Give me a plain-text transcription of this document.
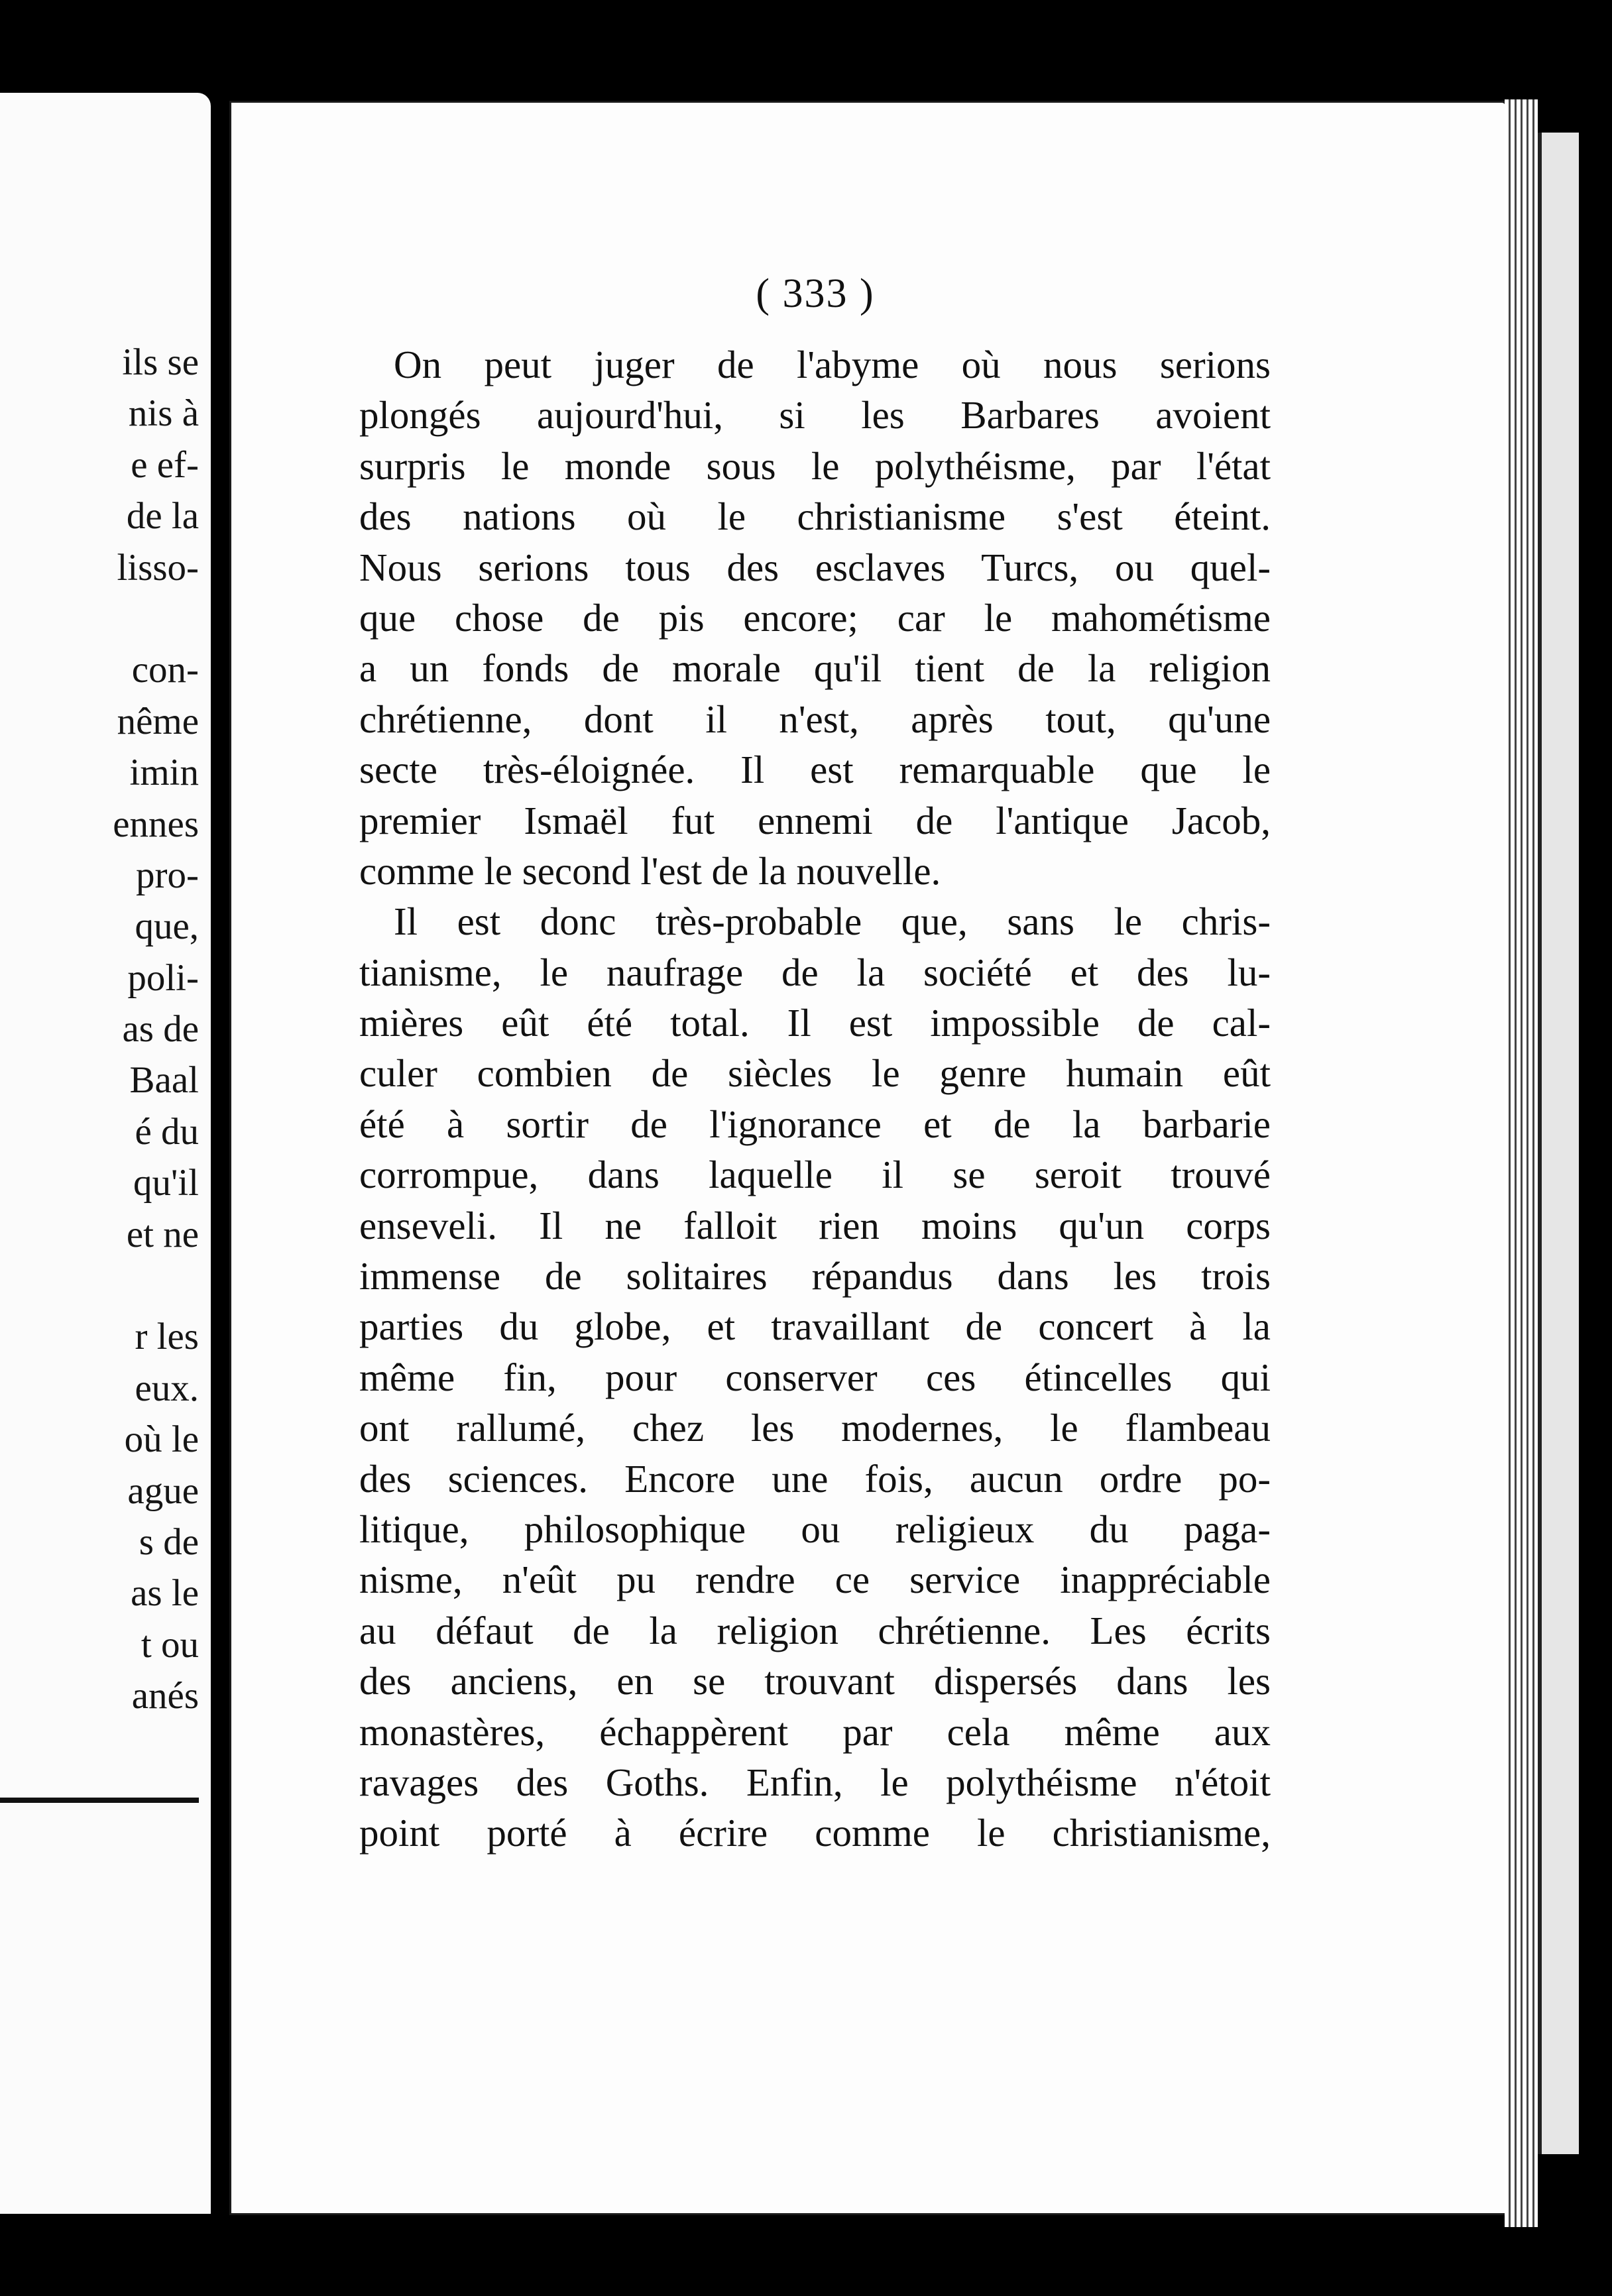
ils se
nis à
e ef-
de la
lisso-
con-
nême
imin
ennes
pro-
que,
poli-
as de
Baal
é du
qu'il
et ne
r les
eux.
où le
ague
s de
as le
t ou
anés
( 333 )
On peut juger de l'abyme où nous serions
plongés aujourd'hui, si les Barbares avoient
surpris le monde sous le polythéisme, par l'état
des nations où le christianisme s'est éteint.
Nous serions tous des esclaves Turcs, ou quel-
que chose de pis encore; car le mahométisme
a un fonds de morale qu'il tient de la religion
chrétienne, dont il n'est, après tout, qu'une
secte très-éloignée. Il est remarquable que le
premier Ismaël fut ennemi de l'antique Jacob,
comme le second l'est de la nouvelle.
Il est donc très-probable que, sans le chris-
tianisme, le naufrage de la société et des lu-
mières eût été total. Il est impossible de cal-
culer combien de siècles le genre humain eût
été à sortir de l'ignorance et de la barbarie
corrompue, dans laquelle il se seroit trouvé
enseveli. Il ne falloit rien moins qu'un corps
immense de solitaires répandus dans les trois
parties du globe, et travaillant de concert à la
même fin, pour conserver ces étincelles qui
ont rallumé, chez les modernes, le flambeau
des sciences. Encore une fois, aucun ordre po-
litique, philosophique ou religieux du paga-
nisme, n'eût pu rendre ce service inappréciable
au défaut de la religion chrétienne. Les écrits
des anciens, en se trouvant dispersés dans les
monastères, échappèrent par cela même aux
ravages des Goths. Enfin, le polythéisme n'étoit
point porté à écrire comme le christianisme,
